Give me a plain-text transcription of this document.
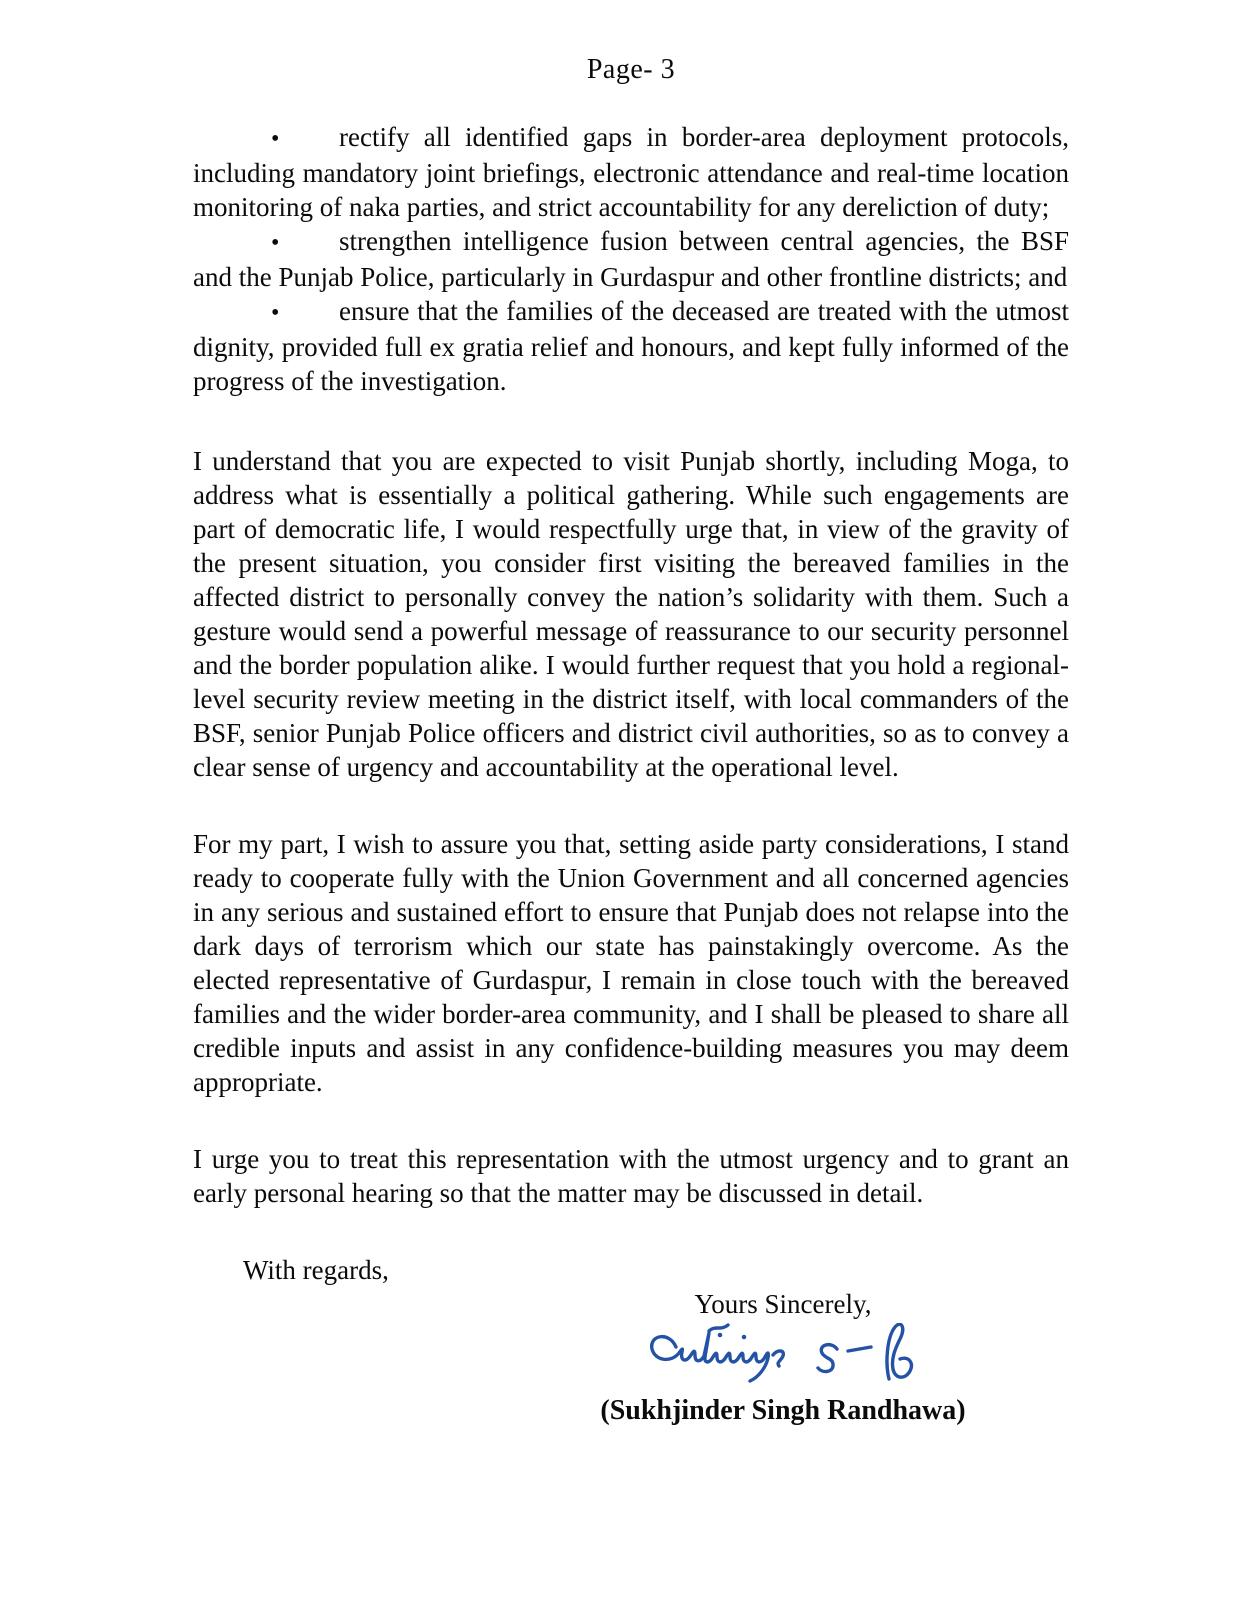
Page- 3

• rectify all identified gaps in border-area deployment protocols, including mandatory joint briefings, electronic attendance and real-time location monitoring of naka parties, and strict accountability for any dereliction of duty;

• strengthen intelligence fusion between central agencies, the BSF and the Punjab Police, particularly in Gurdaspur and other frontline districts; and

• ensure that the families of the deceased are treated with the utmost dignity, provided full ex gratia relief and honours, and kept fully informed of the progress of the investigation.

I understand that you are expected to visit Punjab shortly, including Moga, to address what is essentially a political gathering. While such engagements are part of democratic life, I would respectfully urge that, in view of the gravity of the present situation, you consider first visiting the bereaved families in the affected district to personally convey the nation’s solidarity with them. Such a gesture would send a powerful message of reassurance to our security personnel and the border population alike. I would further request that you hold a regional-level security review meeting in the district itself, with local commanders of the BSF, senior Punjab Police officers and district civil authorities, so as to convey a clear sense of urgency and accountability at the operational level.

For my part, I wish to assure you that, setting aside party considerations, I stand ready to cooperate fully with the Union Government and all concerned agencies in any serious and sustained effort to ensure that Punjab does not relapse into the dark days of terrorism which our state has painstakingly overcome. As the elected representative of Gurdaspur, I remain in close touch with the bereaved families and the wider border-area community, and I shall be pleased to share all credible inputs and assist in any confidence-building measures you may deem appropriate.

I urge you to treat this representation with the utmost urgency and to grant an early personal hearing so that the matter may be discussed in detail.

With regards,

Yours Sincerely,
(Sukhjinder Singh Randhawa)
